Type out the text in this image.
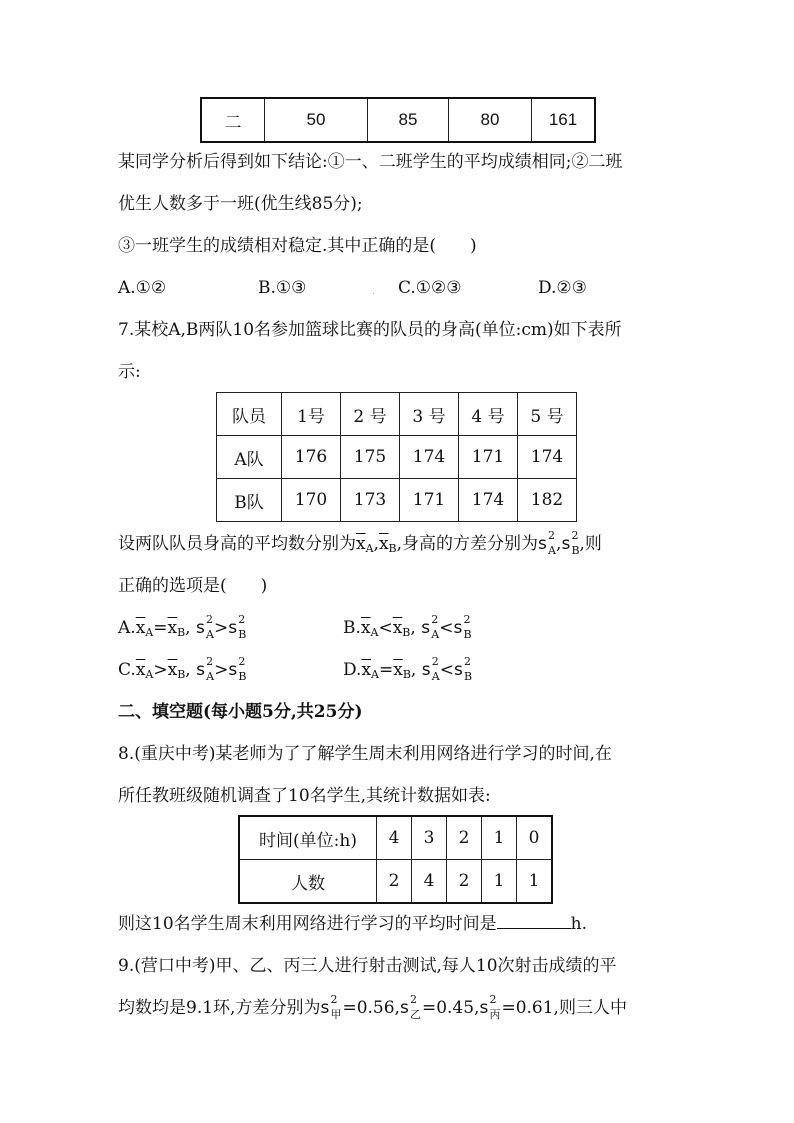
二	50	85	80	161
某同学分析后得到如下结论:①一、二班学生的平均成绩相同;②二班
优生人数多于一班(优生线85分);
③一班学生的成绩相对稳定.其中正确的是(　　)
A.①②	B.①③	· C.①②③	D.②③
7.某校A,B两队10名参加篮球比赛的队员的身高(单位:cm)如下表所
示:
队员	1号	2 号	3 号	4 号	5 号
A队	176	175	174	171	174
B队	170	173	171	174	182
设两队队员身高的平均数分别为$\overline{x}_A,\overline{x}_B$,身高的方差分别为s 2
A ,s 2
B ,则
正确的选项是(　　)
$A.\overline{x}_A=\overline{x}_B$, s 2
A >s 2
B	$B.\overline{x}_A<\overline{x}_B$, s 2
A <s 2
B
$C.\overline{x}_A>\overline{x}_B$, s 2
A >s 2
B	$D.\overline{x}_A=\overline{x}_B$, s 2
A <s 2
B
二、填空题(每小题5分,共25分)
8.(重庆中考)某老师为了了解学生周末利用网络进行学习的时间,在
所任教班级随机调查了10名学生,其统计数据如表:
时间(单位:h)	4	3	2	1	0
人数	2	4	2	1	1
则这10名学生周末利用网络进行学习的平均时间是	h.
9.(营口中考)甲、乙、丙三人进行射击测试,每人10次射击成绩的平
均数均是9.1环,方差分别为s 2
甲 =0.56,s 2
乙 =0.45,s 2
丙 =0.61,则三人中
